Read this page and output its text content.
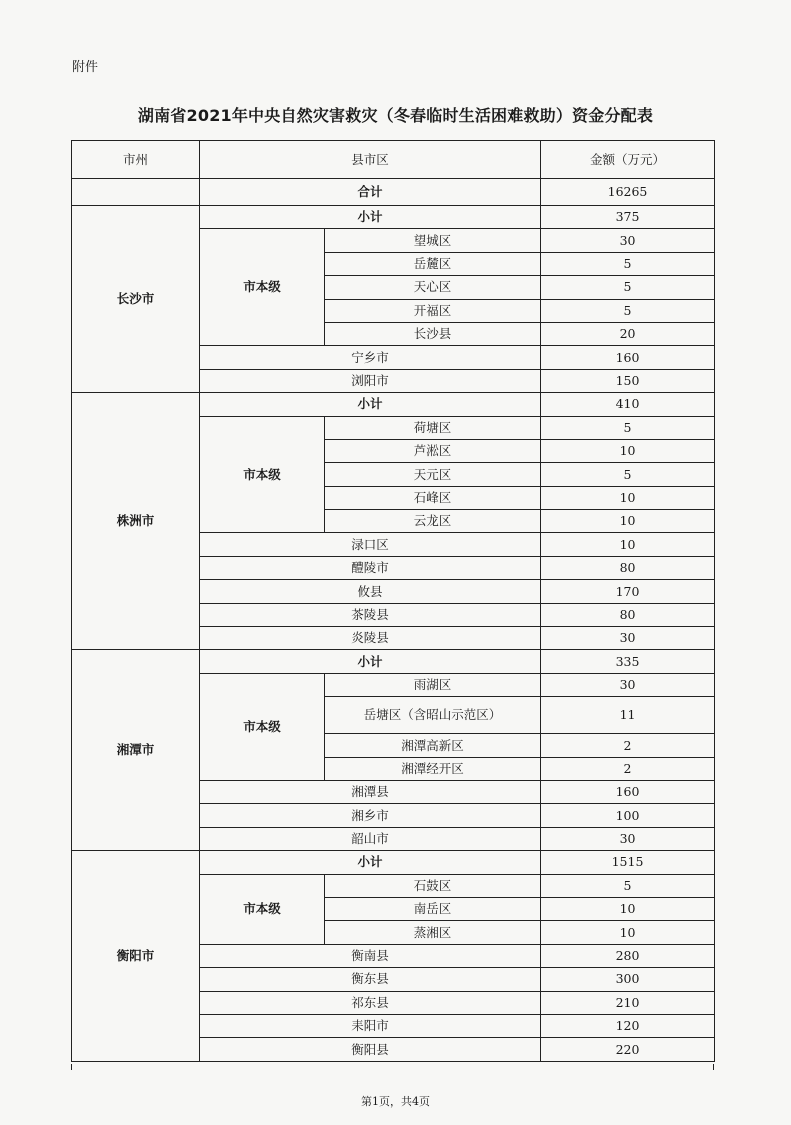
附件
湖南省2021年中央自然灾害救灾（冬春临时生活困难救助）资金分配表
市州	县市区		金额（万元）
	合计		16265
长沙市	小计		375
	市本级	望城区	30
		岳麓区	5
		天心区	5
		开福区	5
		长沙县	20
	宁乡市		160
	浏阳市		150
株洲市	小计		410
	市本级	荷塘区	5
		芦淞区	10
		天元区	5
		石峰区	10
		云龙区	10
	渌口区		10
	醴陵市		80
	攸县		170
	茶陵县		80
	炎陵县		30
湘潭市	小计		335
	市本级	雨湖区	30
		岳塘区（含昭山示范区）	11
		湘潭高新区	2
		湘潭经开区	2
	湘潭县		160
	湘乡市		100
	韶山市		30
衡阳市	小计		1515
	市本级	石鼓区	5
		南岳区	10
		蒸湘区	10
	衡南县		280
	衡东县		300
	祁东县		210
	耒阳市		120
	衡阳县		220
第1页，共4页
